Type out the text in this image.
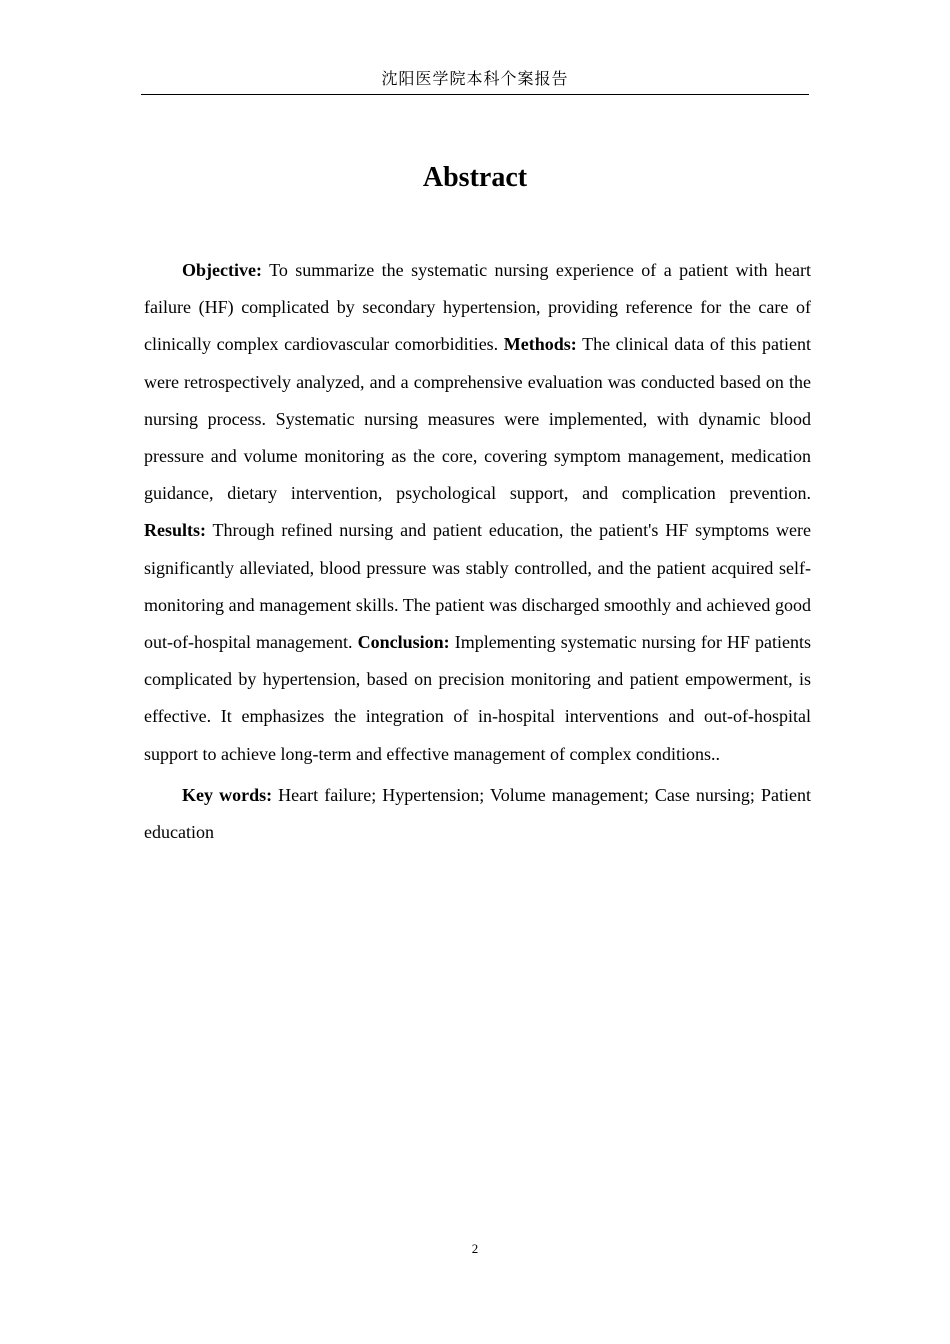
沈阳医学院本科个案报告
Abstract

Objective: To summarize the systematic nursing experience of a patient with heart failure (HF) complicated by secondary hypertension, providing reference for the care of clinically complex cardiovascular comorbidities. Methods: The clinical data of this patient were retrospectively analyzed, and a comprehensive evaluation was conducted based on the nursing process. Systematic nursing measures were implemented, with dynamic blood pressure and volume monitoring as the core, covering symptom management, medication guidance, dietary intervention, psychological support, and complication prevention. Results: Through refined nursing and patient education, the patient's HF symptoms were significantly alleviated, blood pressure was stably controlled, and the patient acquired self-monitoring and management skills. The patient was discharged smoothly and achieved good out-of-hospital management. Conclusion: Implementing systematic nursing for HF patients complicated by hypertension, based on precision monitoring and patient empowerment, is effective. It emphasizes the integration of in-hospital interventions and out-of-hospital support to achieve long-term and effective management of complex conditions..

Key words: Heart failure; Hypertension; Volume management; Case nursing; Patient education

2
